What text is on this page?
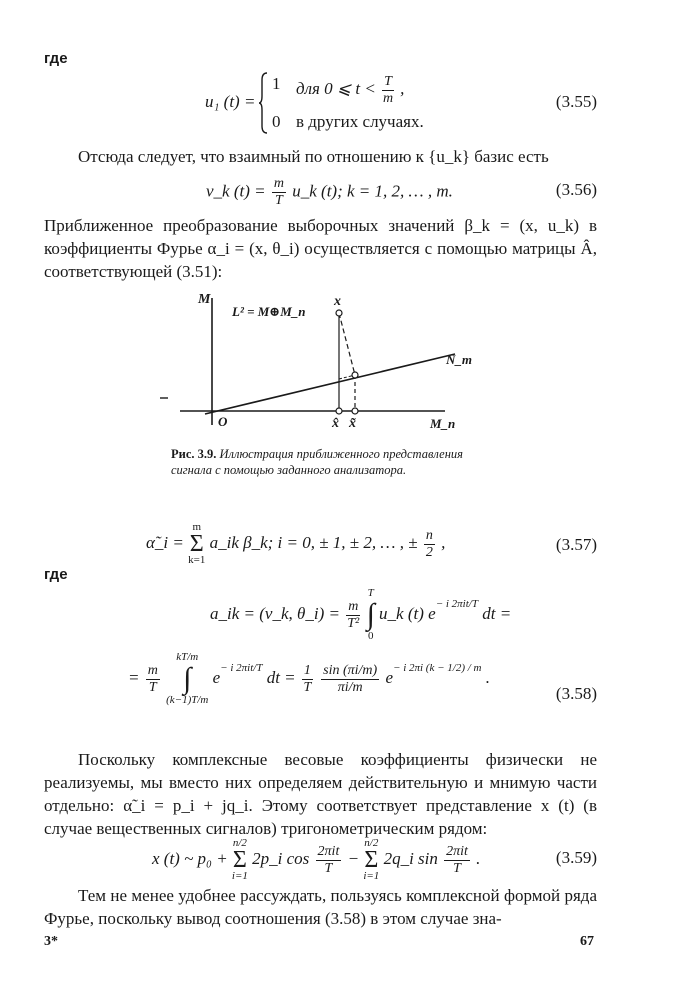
где
u₁ (t) =
1 для 0 ⩽ $t < \frac{T}{m}$ ,
0 в других случаях.
(3.55)
Отсюда следует, что взаимный по отношению к {u_k} базис есть
v_k $(t) = \frac{m}{T}$ u_k (t); k = 1, 2, … , m.	(3.56)
Приближенное преобразование выборочных значений β_k = (x, u_k) в коэффициенты Фурье α_i = (x, θ_i) осуществляется с помощью матрицы Â, соответствующей (3.51):
M
L² = M⊕M_п
x
N_m
O	x̂ x̃	M_п
Рис. 3.9. Иллюстрация приближенного представления сигнала с помощью заданного анализатора.
α̃_i =
m
Σ
k=1
a_ik β_k; i = 0, ± 1, ± 2, … , ± $\frac{n}{2}$ ,	(3.57)
где
a_ik = (v_k, θ_i) = $\frac{m}{\text{T²}}$

T
∫
0
u_k (t) $e^{- i 2\pi it/T}$ dt =
= $\frac{m}{T}$

kT/m
∫
(k−1)T/m
$e^{- i 2\pi it/T}$ dt = $\frac{1}{T}$
$\frac{\sin (\pi i/m)}{\pi i/m} e^{- i 2\pi i (k - 1/2) / m}$ .
(3.58)
Поскольку комплексные весовые коэффициенты физически не реализуемы, мы вместо них определяем действительную и мнимую части отдельно: α̃_i = p_i + jq_i. Этому соответствует представление x (t) (в случае вещественных сигналов) тригонометрическим рядом:
x (t) ~ p₀ +
n/2
Σ
i=1
2p_i $\cos \frac{\text{2πit}}{T}$ −
n/2
Σ
i=1
2q_i $\sin \frac{\text{2πit}}{T}$ .	(3.59)
Тем не менее удобнее рассуждать, пользуясь комплексной формой ряда Фурье, поскольку вывод соотношения (3.58) в этом случае зна-
3*	67
